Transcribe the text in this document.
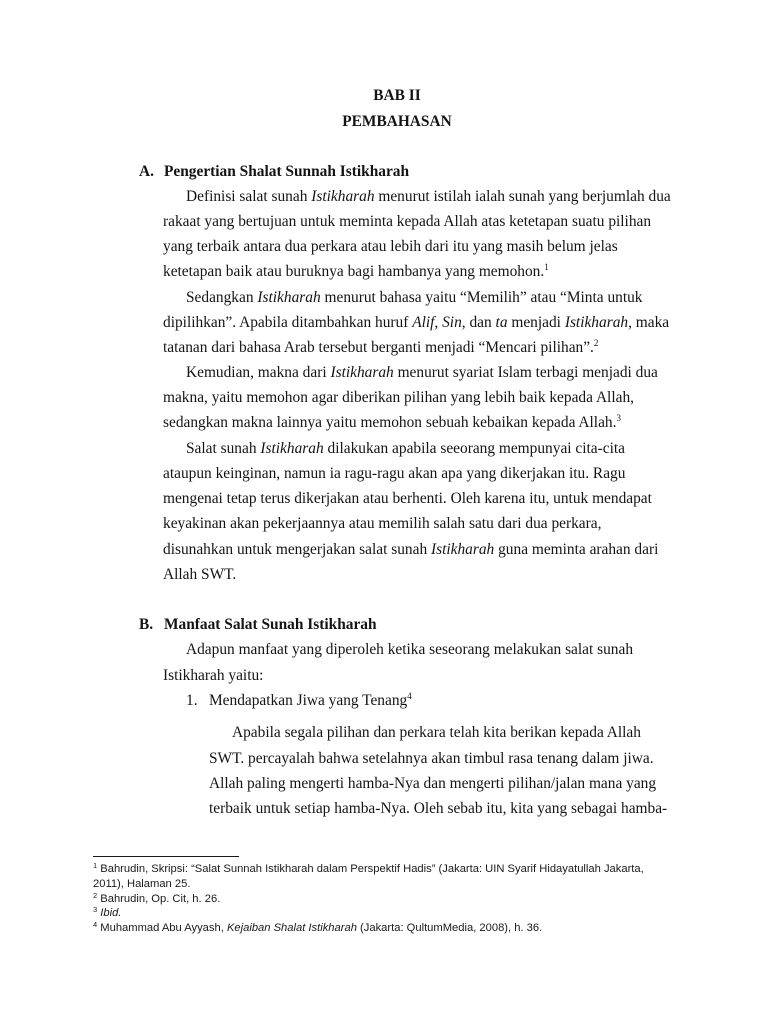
BAB II
PEMBAHASAN
A. Pengertian Shalat Sunnah Istikharah
Definisi salat sunah Istikharah menurut istilah ialah sunah yang berjumlah dua
rakaat yang bertujuan untuk meminta kepada Allah atas ketetapan suatu pilihan
yang terbaik antara dua perkara atau lebih dari itu yang masih belum jelas
ketetapan baik atau buruknya bagi hambanya yang memohon.$^1$
Sedangkan Istikharah menurut bahasa yaitu “Memilih” atau “Minta untuk
dipilihkan”. Apabila ditambahkan huruf Alif, Sin, dan ta menjadi Istikharah, maka
tatanan dari bahasa Arab tersebut berganti menjadi “Mencari pilihan”.$^2$
Kemudian, makna dari Istikharah menurut syariat Islam terbagi menjadi dua
makna, yaitu memohon agar diberikan pilihan yang lebih baik kepada Allah,
sedangkan makna lainnya yaitu memohon sebuah kebaikan kepada Allah.$^3$
Salat sunah Istikharah dilakukan apabila seeorang mempunyai cita-cita
ataupun keinginan, namun ia ragu-ragu akan apa yang dikerjakan itu. Ragu
mengenai tetap terus dikerjakan atau berhenti. Oleh karena itu, untuk mendapat
keyakinan akan pekerjaannya atau memilih salah satu dari dua perkara,
disunahkan untuk mengerjakan salat sunah Istikharah guna meminta arahan dari
Allah SWT.
B. Manfaat Salat Sunah Istikharah
Adapun manfaat yang diperoleh ketika seseorang melakukan salat sunah
Istikharah yaitu:
1. Mendapatkan Jiwa yang Tenang$^4$
Apabila segala pilihan dan perkara telah kita berikan kepada Allah
SWT. percayalah bahwa setelahnya akan timbul rasa tenang dalam jiwa.
Allah paling mengerti hamba-Nya dan mengerti pilihan/jalan mana yang
terbaik untuk setiap hamba-Nya. Oleh sebab itu, kita yang sebagai hamba-
$^1$ Bahrudin, Skripsi: “Salat Sunnah Istikharah dalam Perspektif Hadis” (Jakarta: UIN Syarif Hidayatullah Jakarta,
2011), Halaman 25.
$^2$ Bahrudin, Op. Cit, h. 26.
$^3$ Ibid.
$^4$ Muhammad Abu Ayyash, Kejaiban Shalat Istikharah (Jakarta: QultumMedia, 2008), h. 36.
